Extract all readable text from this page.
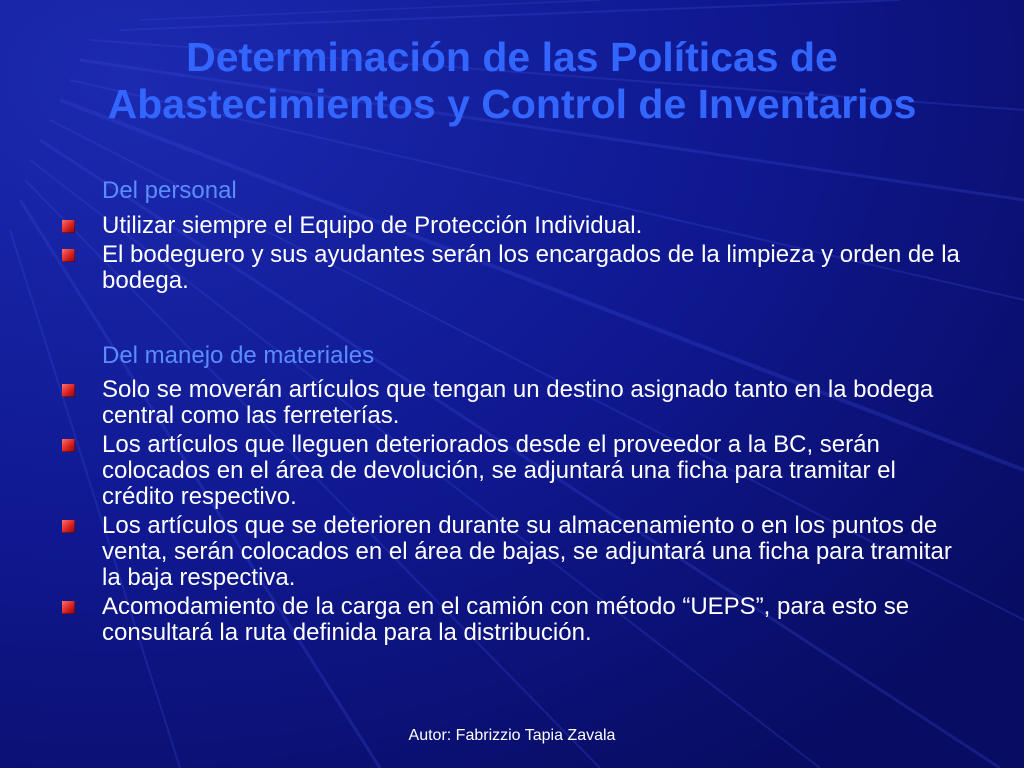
Determinación de las Políticas de
Abastecimientos y Control de Inventarios

Del personal

Utilizar siempre el Equipo de Protección Individual.
El bodeguero y sus ayudantes serán los encargados de la limpieza y orden de la bodega.

Del manejo de materiales

Solo se moverán artículos que tengan un destino asignado tanto en la bodega central como las ferreterías.
Los artículos que lleguen deteriorados desde el proveedor a la BC, serán colocados en el área de devolución, se adjuntará una ficha para tramitar el crédito respectivo.
Los artículos que se deterioren durante su almacenamiento o en los puntos de venta, serán colocados en el área de bajas, se adjuntará una ficha para tramitar la baja respectiva.
Acomodamiento de la carga en el camión con método “UEPS”, para esto se consultará la ruta definida para la distribución.
Autor: Fabrizzio Tapia Zavala
